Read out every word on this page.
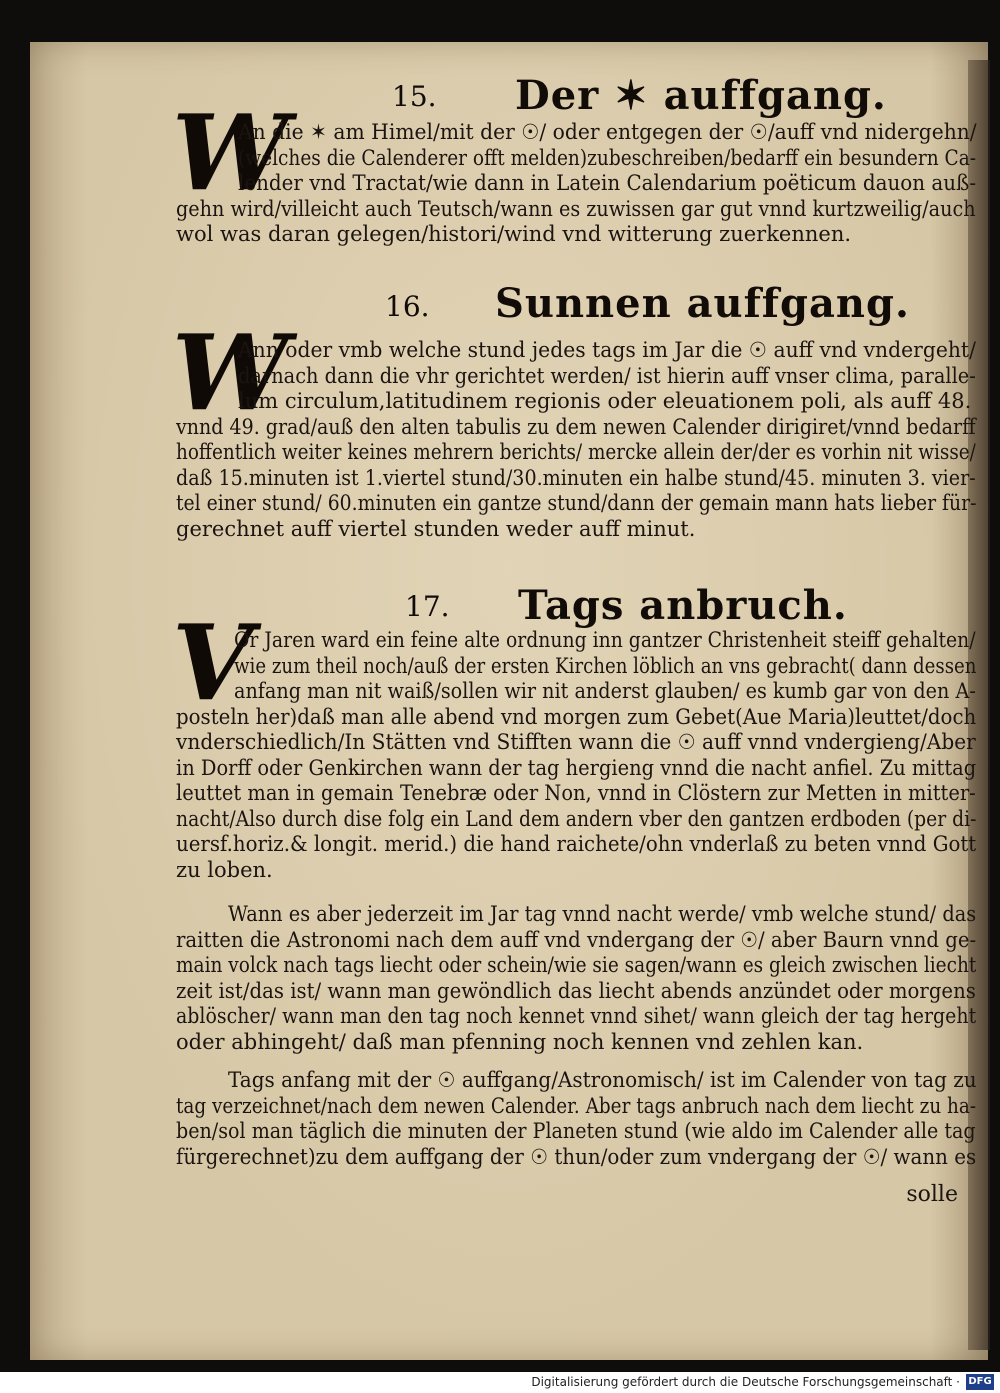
15. Der ✶ auffgang.
W
An die ✶ am Himel/mit der ☉/ oder entgegen der ☉/auff vnd nidergehn/
(welches die Calenderer offt melden)zubeschreiben/bedarff ein besundern Ca-
lender vnd Tractat/wie dann in Latein Calendarium poëticum dauon auß-
gehn wird/villeicht auch Teutsch/wann es zuwissen gar gut vnnd kurtzweilig/auch
wol was daran gelegen/histori/wind vnd witterung zuerkennen.
16. Sunnen auffgang.
W
Ann oder vmb welche stund jedes tags im Jar die ☉ auff vnd vndergeht/
darnach dann die vhr gerichtet werden/ ist hierin auff vnser clima, paralle-
lum circulum,latitudinem regionis oder eleuationem poli, als auff 48.
vnnd 49. grad/auß den alten tabulis zu dem newen Calender dirigiret/vnnd bedarff
hoffentlich weiter keines mehrern berichts/ mercke allein der/der es vorhin nit wisse/
daß 15.minuten ist 1.viertel stund/30.minuten ein halbe stund/45. minuten 3. vier-
tel einer stund/ 60.minuten ein gantze stund/dann der gemain mann hats lieber für-
gerechnet auff viertel stunden weder auff minut.
17. Tags anbruch.
V
Or Jaren ward ein feine alte ordnung inn gantzer Christenheit steiff gehalten/
wie zum theil noch/auß der ersten Kirchen löblich an vns gebracht( dann dessen
anfang man nit waiß/sollen wir nit anderst glauben/ es kumb gar von den A-
posteln her)daß man alle abend vnd morgen zum Gebet(Aue Maria)leuttet/doch
vnderschiedlich/In Stätten vnd Stifften wann die ☉ auff vnnd vndergieng/Aber
in Dorff oder Genkirchen wann der tag hergieng vnnd die nacht anfiel. Zu mittag
leuttet man in gemain Tenebræ oder Non, vnnd in Clöstern zur Metten in mitter-
nacht/Also durch dise folg ein Land dem andern vber den gantzen erdboden (per di-
uersf.horiz.& longit. merid.) die hand raichete/ohn vnderlaß zu beten vnnd Gott
zu loben.
Wann es aber jederzeit im Jar tag vnnd nacht werde/ vmb welche stund/ das
raitten die Astronomi nach dem auff vnd vndergang der ☉/ aber Baurn vnnd ge-
main volck nach tags liecht oder schein/wie sie sagen/wann es gleich zwischen liecht
zeit ist/das ist/ wann man gewöndlich das liecht abends anzündet oder morgens
ablöscher/ wann man den tag noch kennet vnnd sihet/ wann gleich der tag hergeht
oder abhingeht/ daß man pfenning noch kennen vnd zehlen kan.
Tags anfang mit der ☉ auffgang/Astronomisch/ ist im Calender von tag zu
tag verzeichnet/nach dem newen Calender. Aber tags anbruch nach dem liecht zu ha-
ben/sol man täglich die minuten der Planeten stund (wie aldo im Calender alle tag
fürgerechnet)zu dem auffgang der ☉ thun/oder zum vndergang der ☉/ wann es
solle
Digitalisierung gefördert durch die Deutsche Forschungsgemeinschaft · DFG
